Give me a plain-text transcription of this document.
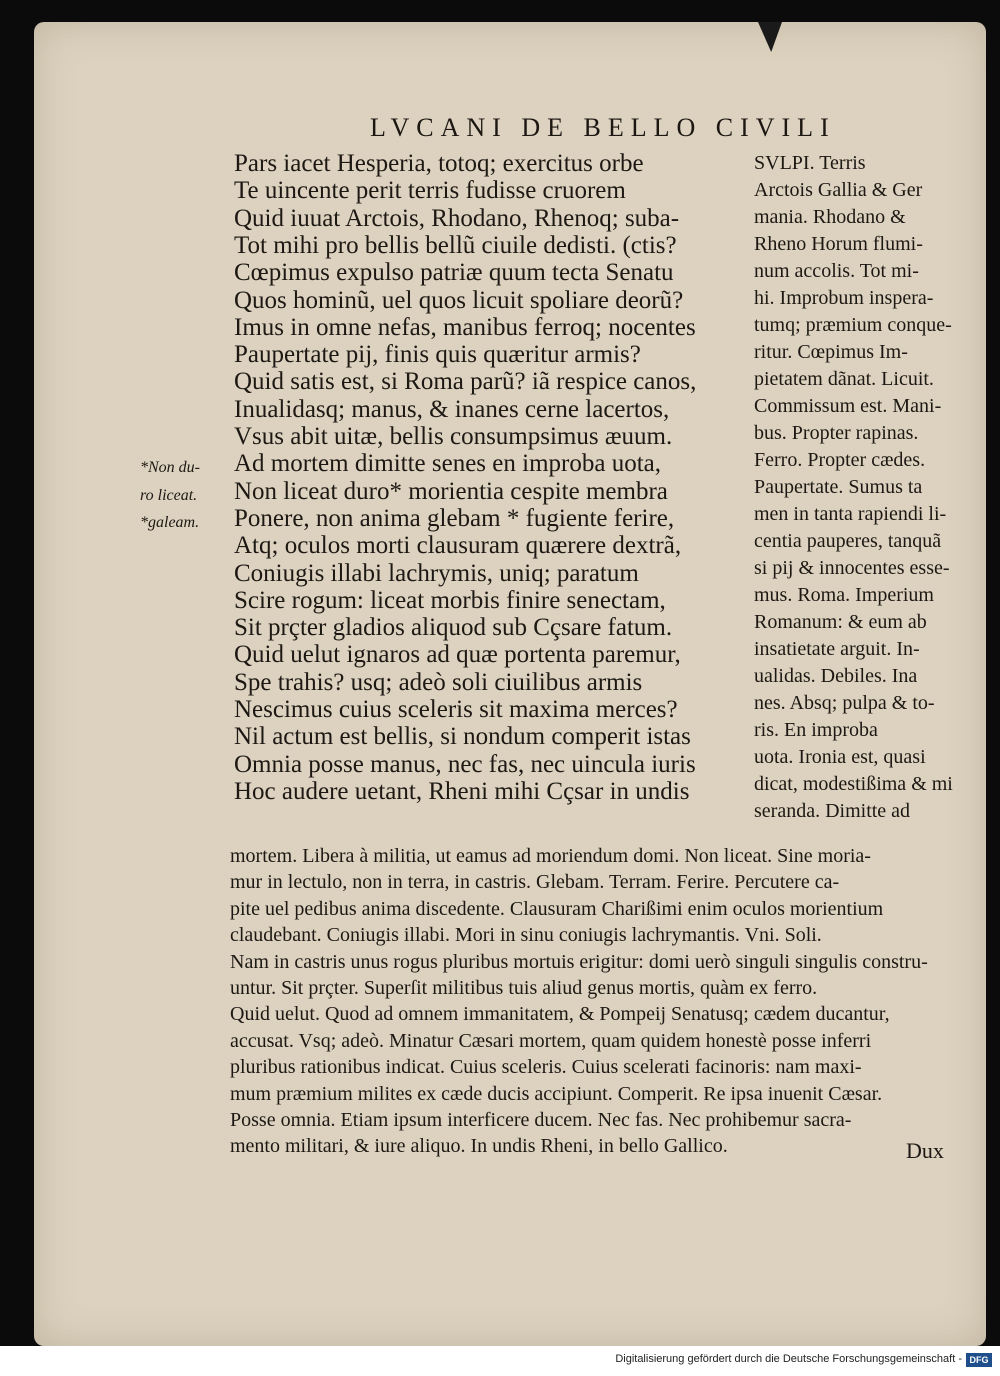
LVCANI DE BELLO CIVILI
Pars iacet Hesperia, totoq; exercitus orbe
Te uincente perit terris fudisse cruorem
Quid iuuat Arctois, Rhodano, Rhenoq; suba-
Tot mihi pro bellis bellũ ciuile dedisti. (ctis?
Cœpimus expulso patriæ quum tecta Senatu
Quos hominũ, uel quos licuit spoliare deorũ?
Imus in omne nefas, manibus ferroq; nocentes
Paupertate pij, finis quis quæritur armis?
Quid satis est, si Roma parũ? iã respice canos,
Inualidasq; manus, & inanes cerne lacertos,
Vsus abit uitæ, bellis consumpsimus æuum.
Ad mortem dimitte senes en improba uota,
Non liceat duro* morientia cespite membra
Ponere, non anima glebam * fugiente ferire,
Atq; oculos morti clausuram quærere dextrã,
Coniugis illabi lachrymis, uniq; paratum
Scire rogum: liceat morbis finire senectam,
Sit prçter gladios aliquod sub Cçsare fatum.
Quid uelut ignaros ad quæ portenta paremur,
Spe trahis? usq; adeò soli ciuilibus armis
Nescimus cuius sceleris sit maxima merces?
Nil actum est bellis, si nondum comperit istas
Omnia posse manus, nec fas, nec uincula iuris
Hoc audere uetant, Rheni mihi Cçsar in undis
*Non du-
ro liceat.
*galeam.
SVLPI. Terris
Arctois Gallia & Ger
mania. Rhodano &
Rheno Horum flumi-
num accolis. Tot mi-
hi. Improbum inspera-
tumq; præmium conque-
ritur. Cœpimus Im-
pietatem dãnat. Licuit.
Commissum est. Mani-
bus. Propter rapinas.
Ferro. Propter cædes.
Paupertate. Sumus ta
men in tanta rapiendi li-
centia pauperes, tanquã
si pij & innocentes esse-
mus. Roma. Imperium
Romanum: & eum ab
insatietate arguit. In-
ualidas. Debiles. Ina
nes. Absq; pulpa & to-
ris. En improba
uota. Ironia est, quasi
dicat, modestißima & mi
seranda. Dimitte ad
mortem. Libera à militia, ut eamus ad moriendum domi. Non liceat. Sine moria-
mur in lectulo, non in terra, in castris. Glebam. Terram. Ferire. Percutere ca-
pite uel pedibus anima discedente. Clausuram Charißimi enim oculos morientium
claudebant. Coniugis illabi. Mori in sinu coniugis lachrymantis. Vni. Soli.
Nam in castris unus rogus pluribus mortuis erigitur: domi uerò singuli singulis constru-
untur. Sit prçter. Superſit militibus tuis aliud genus mortis, quàm ex ferro.
Quid uelut. Quod ad omnem immanitatem, & Pompeij Senatusq; cædem ducantur,
accusat. Vsq; adeò. Minatur Cæsari mortem, quam quidem honestè posse inferri
pluribus rationibus indicat. Cuius sceleris. Cuius scelerati facinoris: nam maxi-
mum præmium milites ex cæde ducis accipiunt. Comperit. Re ipsa inuenit Cæsar.
Posse omnia. Etiam ipsum interficere ducem. Nec fas. Nec prohibemur sacra-
mento militari, & iure aliquo. In undis Rheni, in bello Gallico.	Dux
Digitalisierung gefördert durch die Deutsche Forschungsgemeinschaft - DFG
